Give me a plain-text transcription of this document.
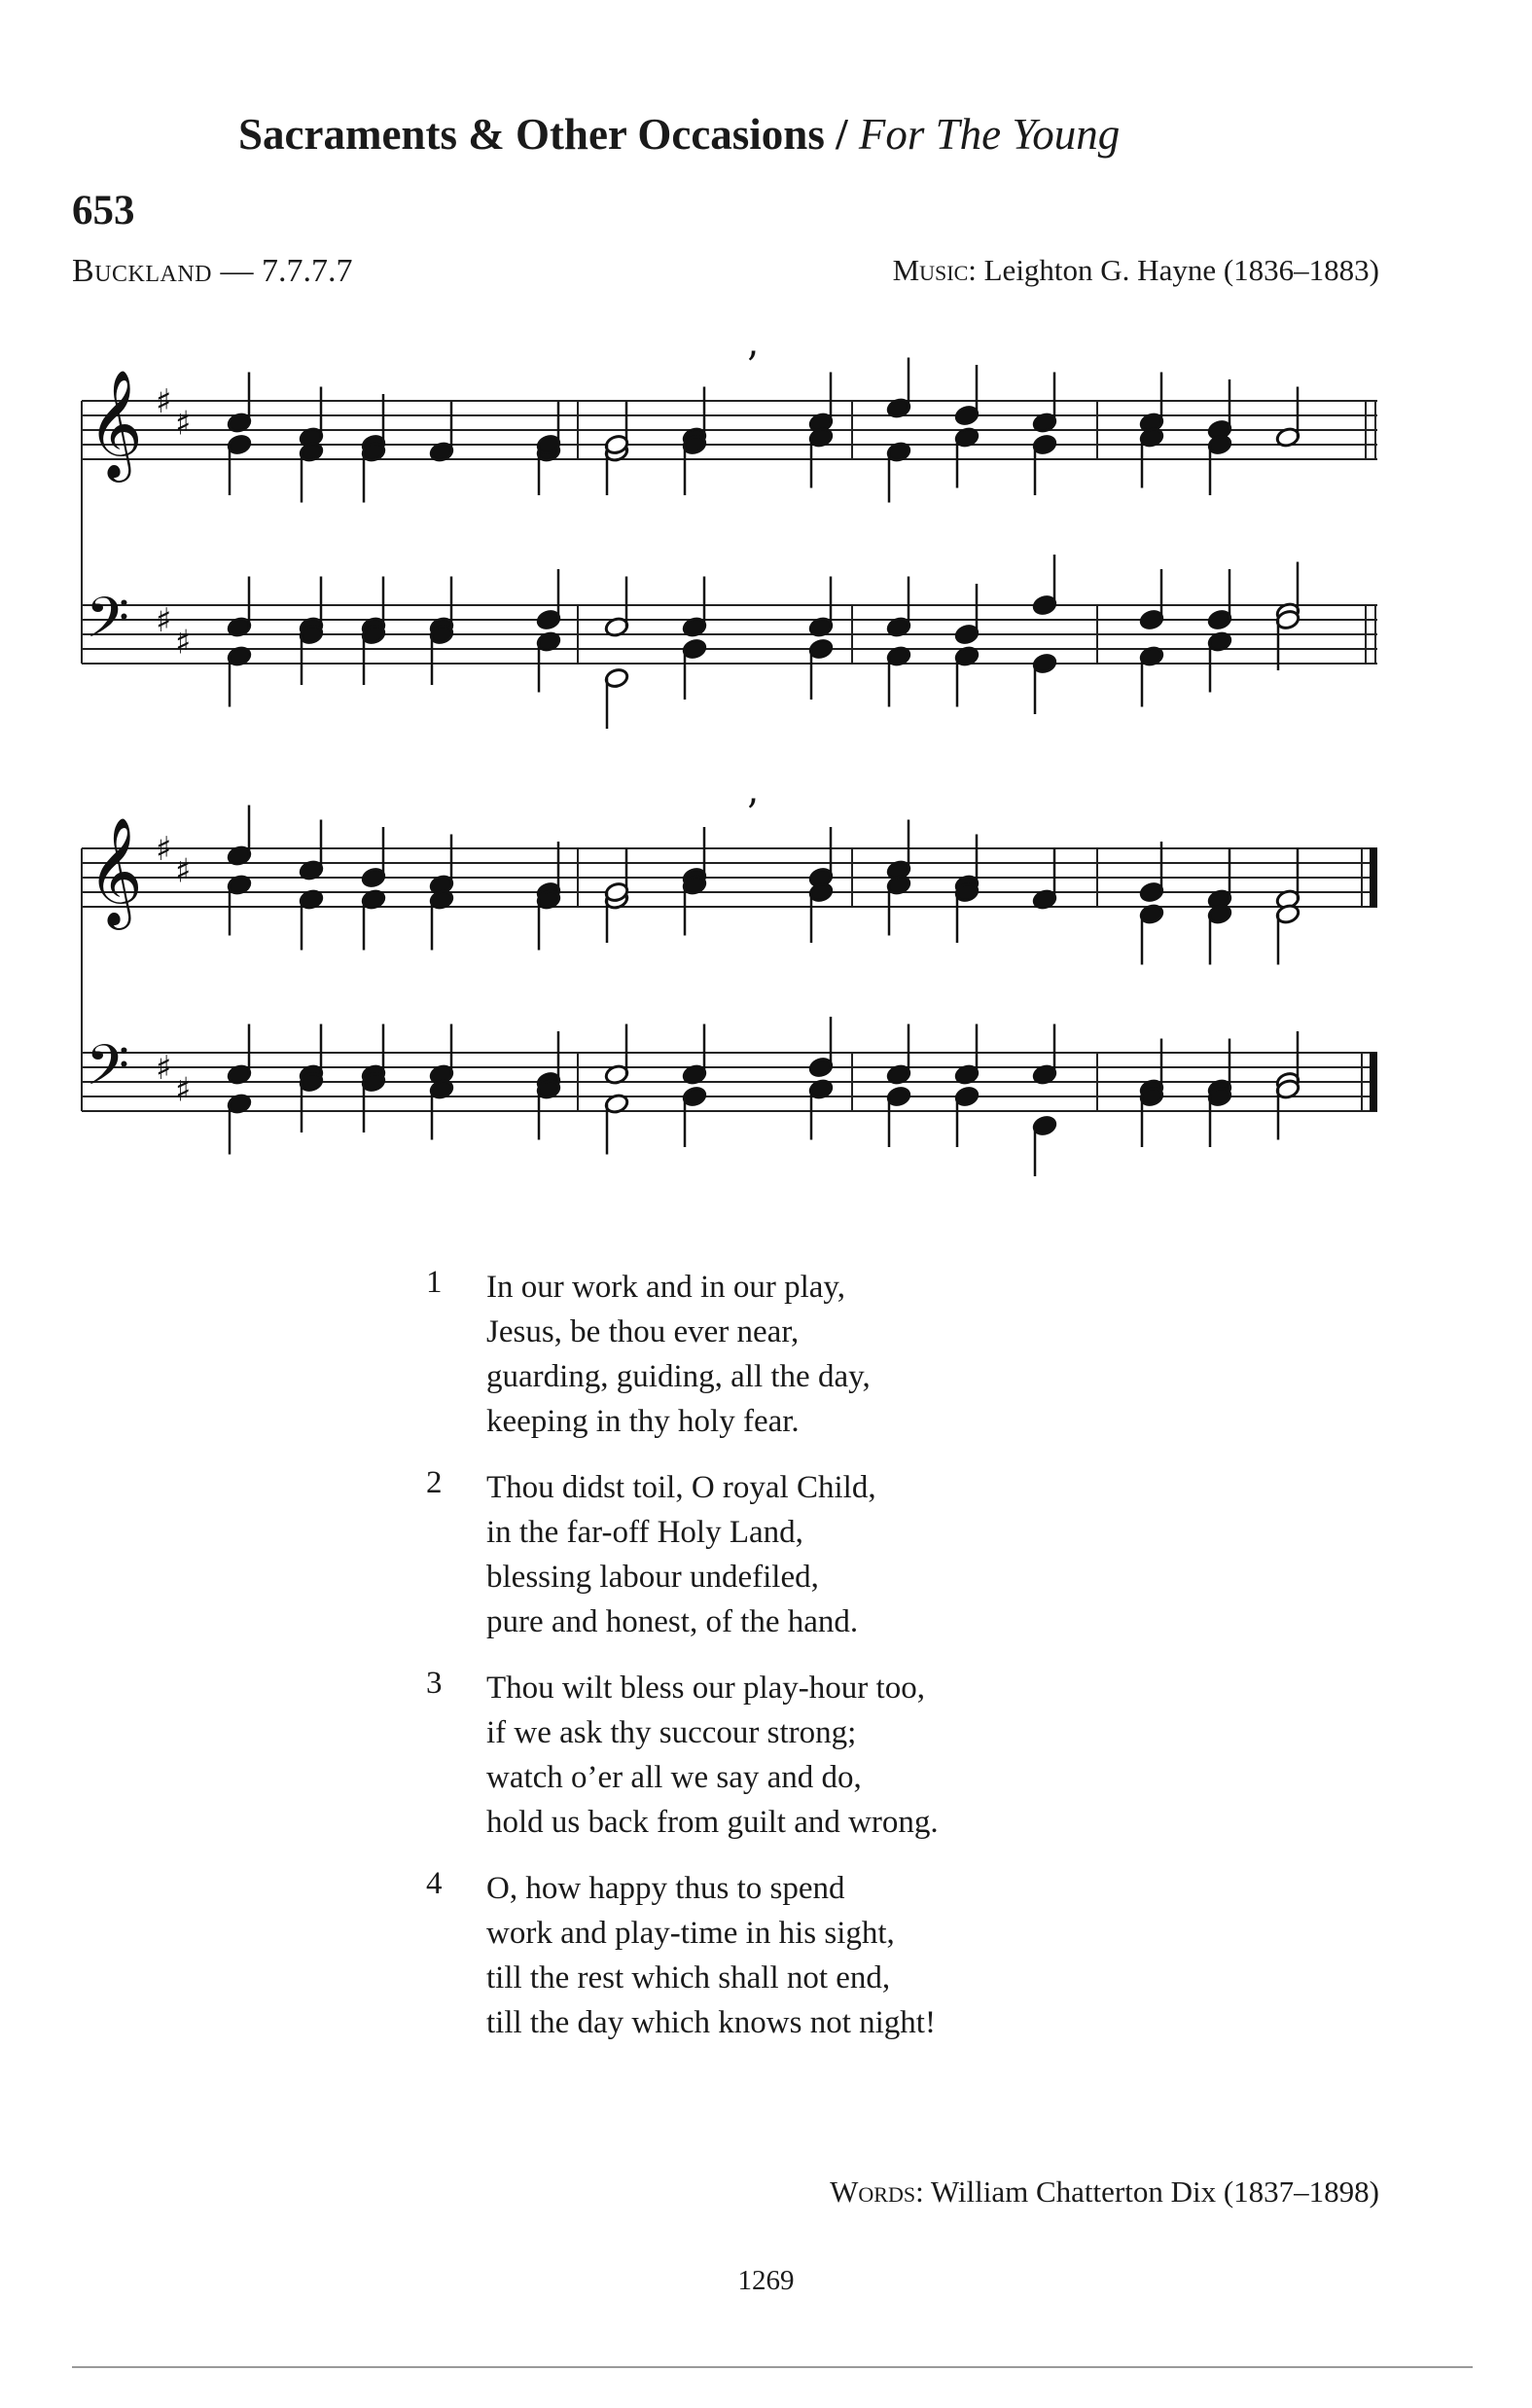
Sacraments & Other Occasions / For The Young
653
Buckland — 7.7.7.7	Music: Leighton G. Hayne (1836–1883)
𝄞 ♯
♯
𝄢 ♯
♯
’
𝄞 ♯
♯
𝄢 ♯
♯
’
1 In our work and in our play,
Jesus, be thou ever near,
guarding, guiding, all the day,
keeping in thy holy fear.
2 Thou didst toil, O royal Child,
in the far-off Holy Land,
blessing labour undefiled,
pure and honest, of the hand.
3 Thou wilt bless our play-hour too,
if we ask thy succour strong;
watch o’er all we say and do,
hold us back from guilt and wrong.
4 O, how happy thus to spend
work and play-time in his sight,
till the rest which shall not end,
till the day which knows not night!
Words: William Chatterton Dix (1837–1898)
1269
